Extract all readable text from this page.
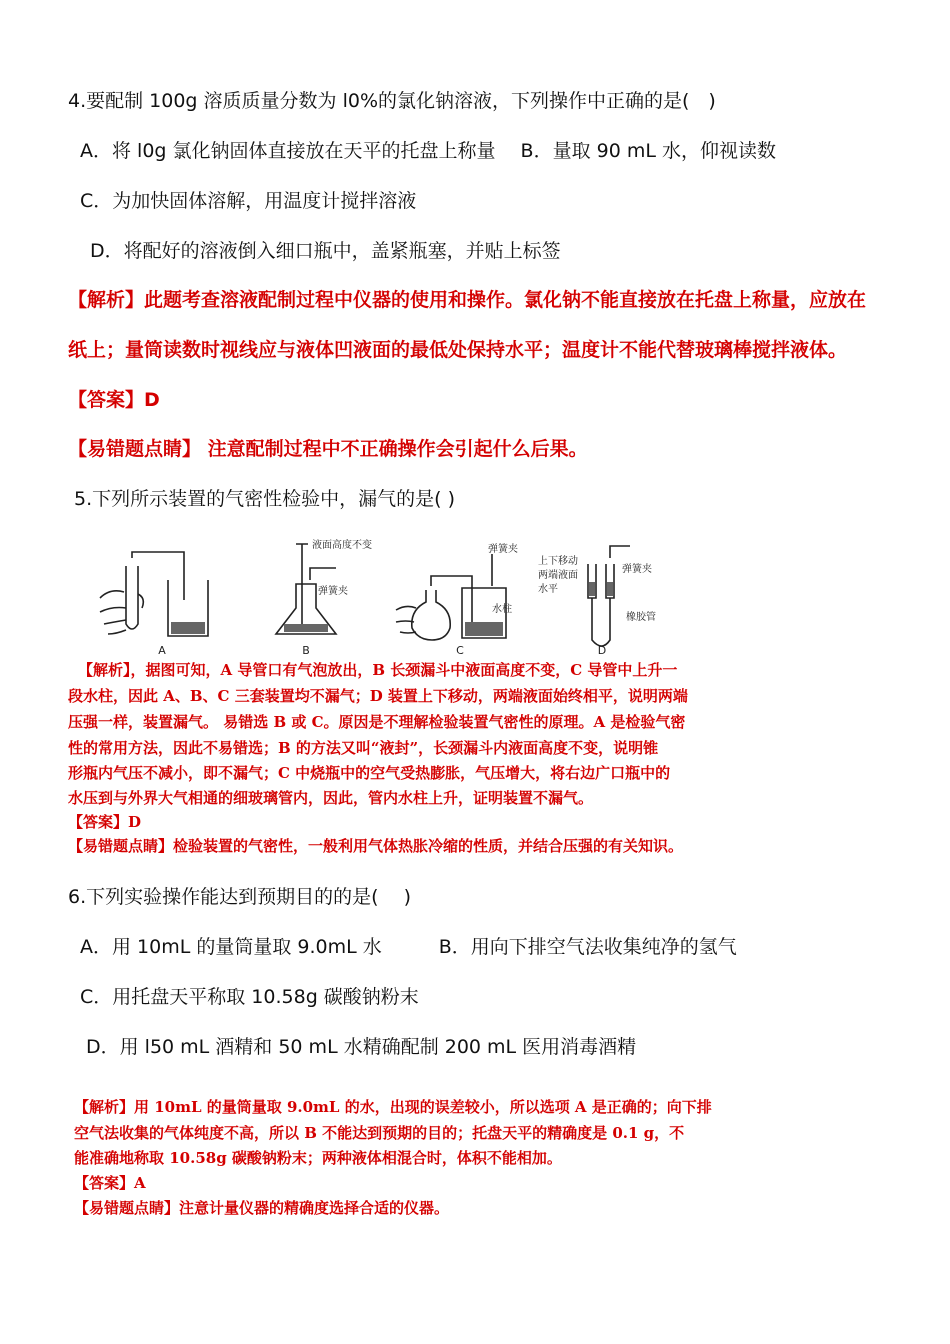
4.要配制 100g 溶质质量分数为 l0%的氯化钠溶液，下列操作中正确的是(　)
A．将 l0g 氯化钠固体直接放在天平的托盘上称量　 B．量取 90 mL 水，仰视读数
C．为加快固体溶解，用温度计搅拌溶液
D．将配好的溶液倒入细口瓶中，盖紧瓶塞，并贴上标签
【解析】此题考查溶液配制过程中仪器的使用和操作。氯化钠不能直接放在托盘上称量，应放在
纸上；量筒读数时视线应与液体凹液面的最低处保持水平；温度计不能代替玻璃棒搅拌液体。
【答案】D
【易错题点睛】 注意配制过程中不正确操作会引起什么后果。
5.下列所示装置的气密性检验中，漏气的是( )
A	B	C	D
液面高度不变
弹簧夹
弹簧夹
水柱
上下移动
两端液面
水平
弹簧夹
橡胶管
【解析】，据图可知，A 导管口有气泡放出，B 长颈漏斗中液面高度不变，C 导管中上升一
段水柱，因此 A、B、C 三套装置均不漏气；D 装置上下移动，两端液面始终相平，说明两端
压强一样，装置漏气。 易错选 B 或 C。原因是不理解检验装置气密性的原理。A 是检验气密
性的常用方法，因此不易错选；B 的方法又叫“液封”，长颈漏斗内液面高度不变，说明锥
形瓶内气压不减小，即不漏气；C 中烧瓶中的空气受热膨胀，气压增大，将右边广口瓶中的
水压到与外界大气相通的细玻璃管内，因此，管内水柱上升，证明装置不漏气。
【答案】D
【易错题点睛】检验装置的气密性，一般利用气体热胀冷缩的性质，并结合压强的有关知识。
6.下列实验操作能达到预期目的的是(　 )
A．用 10mL 的量筒量取 9.0mL 水　　　B．用向下排空气法收集纯净的氢气
C．用托盘天平称取 10.58g 碳酸钠粉末
D．用 l50 mL 酒精和 50 mL 水精确配制 200 mL 医用消毒酒精
【解析】用 10mL 的量筒量取 9.0mL 的水，出现的误差较小，所以选项 A 是正确的；向下排
空气法收集的气体纯度不高，所以 B 不能达到预期的目的；托盘天平的精确度是 0.1 g，不
能准确地称取 10.58g 碳酸钠粉末；两种液体相混合时，体积不能相加。
【答案】A
【易错题点睛】注意计量仪器的精确度选择合适的仪器。
